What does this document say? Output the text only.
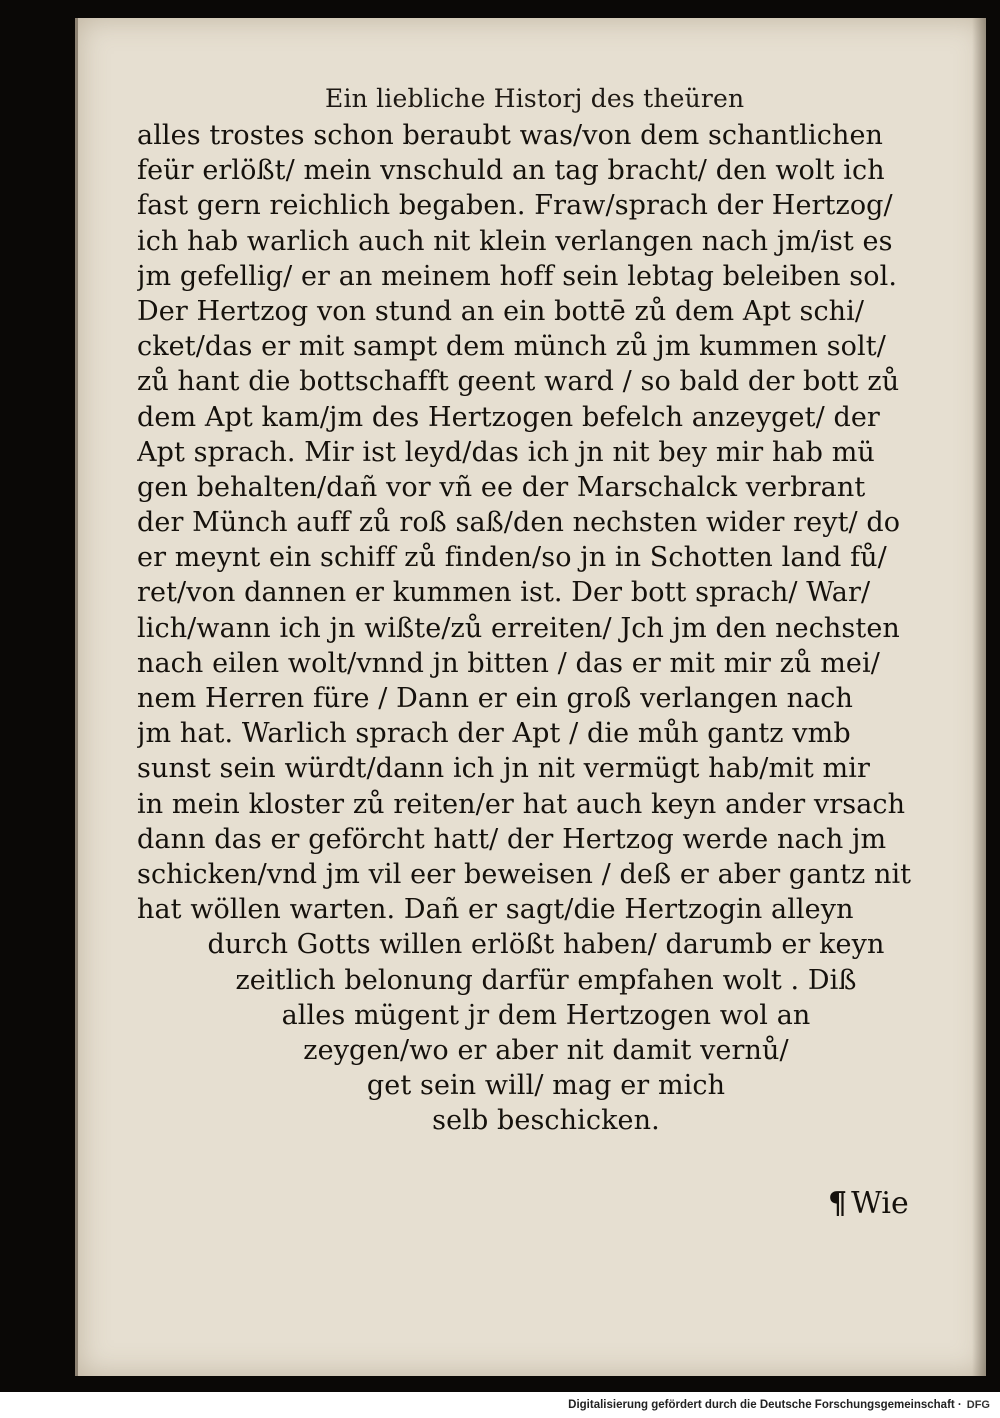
Ein liebliche Historj des theüren
alles trostes schon beraubt was/von dem schantlichen
feür erlößt/ mein vnschuld an tag bracht/ den wolt ich
fast gern reichlich begaben. Fraw/sprach der Hertzog/
ich hab warlich auch nit klein verlangen nach jm/ist es
jm gefellig/ er an meinem hoff sein lebtag beleiben sol.
Der Hertzog von stund an ein bottē zů dem Apt schi/
cket/das er mit sampt dem münch zů jm kummen solt/
zů hant die bottschafft geent ward / so bald der bott zů
dem Apt kam/jm des Hertzogen befelch anzeyget/ der
Apt sprach. Mir ist leyd/das ich jn nit bey mir hab mü
gen behalten/dañ vor vñ ee der Marschalck verbrant
der Münch auff zů roß saß/den nechsten wider reyt/ do
er meynt ein schiff zů finden/so jn in Schotten land fů/
ret/von dannen er kummen ist. Der bott sprach/ War/
lich/wann ich jn wißte/zů erreiten/ Jch jm den nechsten
nach eilen wolt/vnnd jn bitten / das er mit mir zů mei/
nem Herren füre / Dann er ein groß verlangen nach
jm hat. Warlich sprach der Apt / die můh gantz vmb
sunst sein würdt/dann ich jn nit vermügt hab/mit mir
in mein kloster zů reiten/er hat auch keyn ander vrsach
dann das er geförcht hatt/ der Hertzog werde nach jm
schicken/vnd jm vil eer beweisen / deß er aber gantz nit
hat wöllen warten. Dañ er sagt/die Hertzogin alleyn
durch Gotts willen erlößt haben/ darumb er keyn
zeitlich belonung darfür empfahen wolt . Diß
alles mügent jr dem Hertzogen wol an
zeygen/wo er aber nit damit vernů/
get sein will/ mag er mich
selb beschicken.
¶ Wie
Digitalisierung gefördert durch die Deutsche Forschungsgemeinschaft · DFG
